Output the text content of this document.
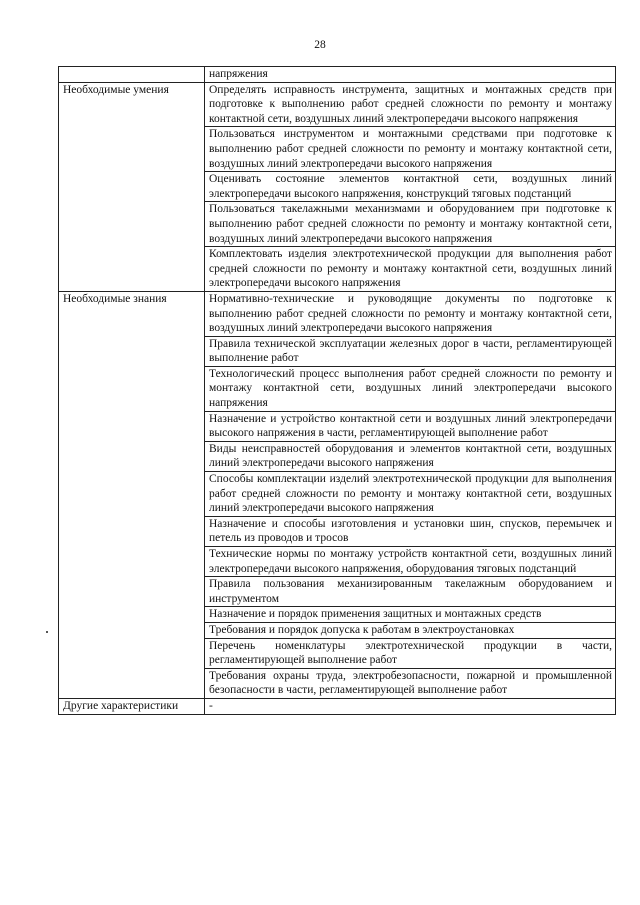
28
	напряжения
Необходимые умения	Определять исправность инструмента, защитных и монтажных средств при подготовке к выполнению работ средней сложности по ремонту и монтажу контактной сети, воздушных линий электропередачи высокого напряжения
	Пользоваться инструментом и монтажными средствами при подготовке к выполнению работ средней сложности по ремонту и монтажу контактной сети, воздушных линий электропередачи высокого напряжения
	Оценивать состояние элементов контактной сети, воздушных линий электропередачи высокого напряжения, конструкций тяговых подстанций
	Пользоваться такелажными механизмами и оборудованием при подготовке к выполнению работ средней сложности по ремонту и монтажу контактной сети, воздушных линий электропередачи высокого напряжения
	Комплектовать изделия электротехнической продукции для выполнения работ средней сложности по ремонту и монтажу контактной сети, воздушных линий электропередачи высокого напряжения
Необходимые знания	Нормативно-технические и руководящие документы по подготовке к выполнению работ средней сложности по ремонту и монтажу контактной сети, воздушных линий электропередачи высокого напряжения
	Правила технической эксплуатации железных дорог в части, регламентирующей выполнение работ
	Технологический процесс выполнения работ средней сложности по ремонту и монтажу контактной сети, воздушных линий электропередачи высокого напряжения
	Назначение и устройство контактной сети и воздушных линий электропередачи высокого напряжения в части, регламентирующей выполнение работ
	Виды неисправностей оборудования и элементов контактной сети, воздушных линий электропередачи высокого напряжения
	Способы комплектации изделий электротехнической продукции для выполнения работ средней сложности по ремонту и монтажу контактной сети, воздушных линий электропередачи высокого напряжения
	Назначение и способы изготовления и установки шин, спусков, перемычек и петель из проводов и тросов
	Технические нормы по монтажу устройств контактной сети, воздушных линий электропередачи высокого напряжения, оборудования тяговых подстанций
	Правила пользования механизированным такелажным оборудованием и инструментом
	Назначение и порядок применения защитных и монтажных средств
	Требования и порядок допуска к работам в электроустановках
	Перечень номенклатуры электротехнической продукции в части, регламентирующей выполнение работ
	Требования охраны труда, электробезопасности, пожарной и промышленной безопасности в части, регламентирующей выполнение работ
Другие характеристики	-
